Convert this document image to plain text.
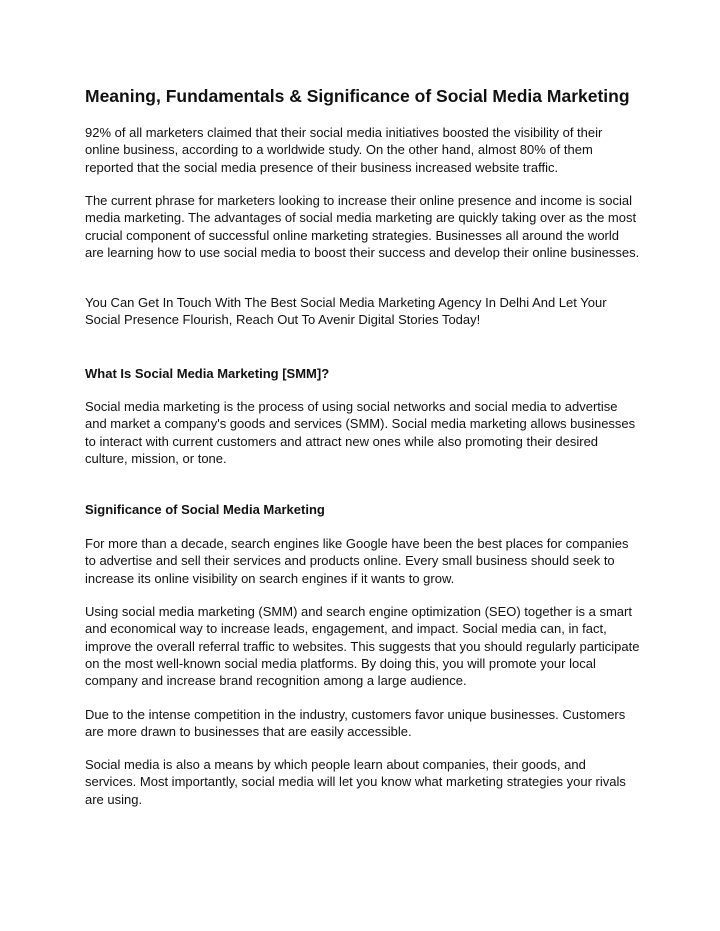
Meaning, Fundamentals & Significance of Social Media Marketing

92% of all marketers claimed that their social media initiatives boosted the visibility of their online business, according to a worldwide study. On the other hand, almost 80% of them reported that the social media presence of their business increased website traffic.

The current phrase for marketers looking to increase their online presence and income is social media marketing. The advantages of social media marketing are quickly taking over as the most crucial component of successful online marketing strategies. Businesses all around the world are learning how to use social media to boost their success and develop their online businesses.

You Can Get In Touch With The Best Social Media Marketing Agency In Delhi And Let Your Social Presence Flourish, Reach Out To Avenir Digital Stories Today!

What Is Social Media Marketing [SMM]?

Social media marketing is the process of using social networks and social media to advertise and market a company's goods and services (SMM). Social media marketing allows businesses to interact with current customers and attract new ones while also promoting their desired culture, mission, or tone.

Significance of Social Media Marketing

For more than a decade, search engines like Google have been the best places for companies to advertise and sell their services and products online. Every small business should seek to increase its online visibility on search engines if it wants to grow.

Using social media marketing (SMM) and search engine optimization (SEO) together is a smart and economical way to increase leads, engagement, and impact. Social media can, in fact, improve the overall referral traffic to websites. This suggests that you should regularly participate on the most well-known social media platforms. By doing this, you will promote your local company and increase brand recognition among a large audience.

Due to the intense competition in the industry, customers favor unique businesses. Customers are more drawn to businesses that are easily accessible.

Social media is also a means by which people learn about companies, their goods, and services. Most importantly, social media will let you know what marketing strategies your rivals are using.
